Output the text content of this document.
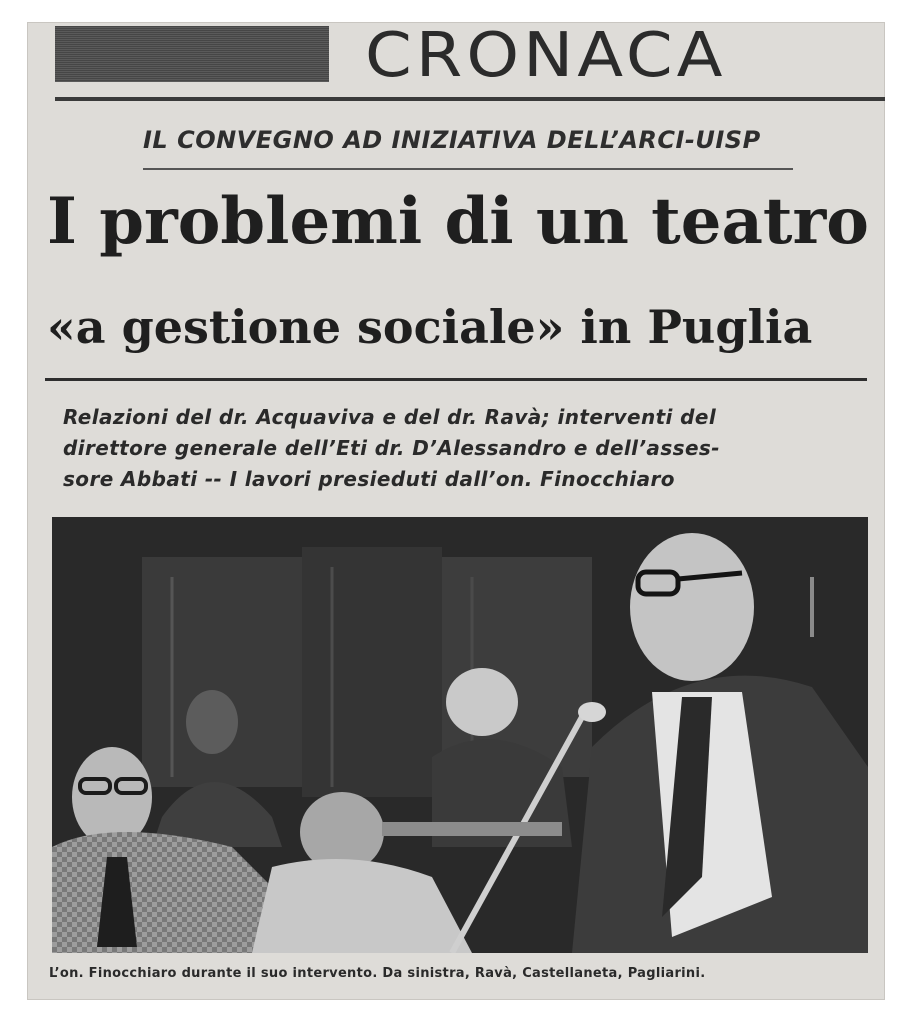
CRONACA
IL CONVEGNO AD INIZIATIVA DELL’ARCI-UISP
I problemi di un teatro
«a gestione sociale» in Puglia

Relazioni del dr. Acquaviva e del dr. Ravà; interventi del
direttore generale dell’Eti dr. D’Alessandro e dell’asses-
sore Abbati -- I lavori presieduti dall’on. Finocchiaro

L’on. Finocchiaro durante il suo intervento. Da sinistra, Ravà, Castellaneta, Pagliarini.
